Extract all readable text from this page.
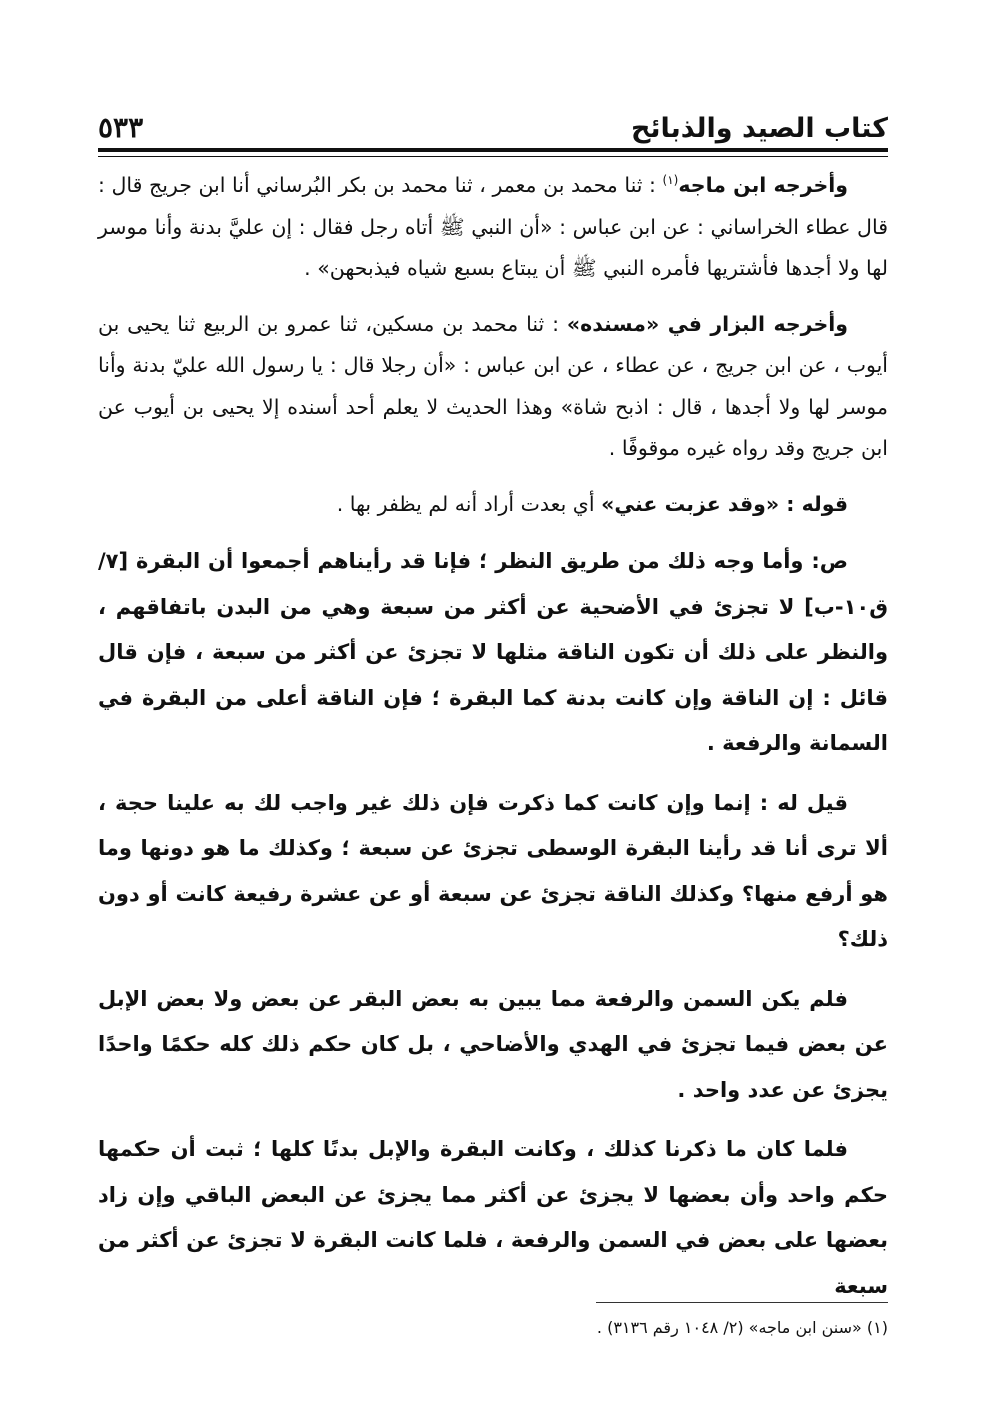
كتاب الصيد والذبائح
٥٣٣

وأخرجه ابن ماجه$^{(١)}$ : ثنا محمد بن معمر ، ثنا محمد بن بكر البُرساني أنا ابن جريج قال : قال عطاء الخراساني : عن ابن عباس : «أن النبي ﷺ أتاه رجل فقال : إن عليَّ بدنة وأنا موسر لها ولا أجدها فأشتريها فأمره النبي ﷺ أن يبتاع بسبع شياه فيذبحهن» .

وأخرجه البزار في «مسنده» : ثنا محمد بن مسكين، ثنا عمرو بن الربيع ثنا يحيى بن أيوب ، عن ابن جريج ، عن عطاء ، عن ابن عباس : «أن رجلا قال : يا رسول الله عليّ بدنة وأنا موسر لها ولا أجدها ، قال : اذبح شاة» وهذا الحديث لا يعلم أحد أسنده إلا يحيى بن أيوب عن ابن جريج وقد رواه غيره موقوفًا .

قوله : «وقد عزبت عني» أي بعدت أراد أنه لم يظفر بها .

ص: وأما وجه ذلك من طريق النظر ؛ فإنا قد رأيناهم أجمعوا أن البقرة [٧/ ق١٠-ب] لا تجزئ في الأضحية عن أكثر من سبعة وهي من البدن باتفاقهم ، والنظر على ذلك أن تكون الناقة مثلها لا تجزئ عن أكثر من سبعة ، فإن قال قائل : إن الناقة وإن كانت بدنة كما البقرة ؛ فإن الناقة أعلى من البقرة في السمانة والرفعة .

قيل له : إنما وإن كانت كما ذكرت فإن ذلك غير واجب لك به علينا حجة ، ألا ترى أنا قد رأينا البقرة الوسطى تجزئ عن سبعة ؛ وكذلك ما هو دونها وما هو أرفع منها؟ وكذلك الناقة تجزئ عن سبعة أو عن عشرة رفيعة كانت أو دون ذلك؟

فلم يكن السمن والرفعة مما يبين به بعض البقر عن بعض ولا بعض الإبل عن بعض فيما تجزئ في الهدي والأضاحي ، بل كان حكم ذلك كله حكمًا واحدًا يجزئ عن عدد واحد .

فلما كان ما ذكرنا كذلك ، وكانت البقرة والإبل بدنًا كلها ؛ ثبت أن حكمها حكم واحد وأن بعضها لا يجزئ عن أكثر مما يجزئ عن البعض الباقي وإن زاد بعضها على بعض في السمن والرفعة ، فلما كانت البقرة لا تجزئ عن أكثر من سبعة

(١) «سنن ابن ماجه» (٢/ ١٠٤٨ رقم ٣١٣٦) .
